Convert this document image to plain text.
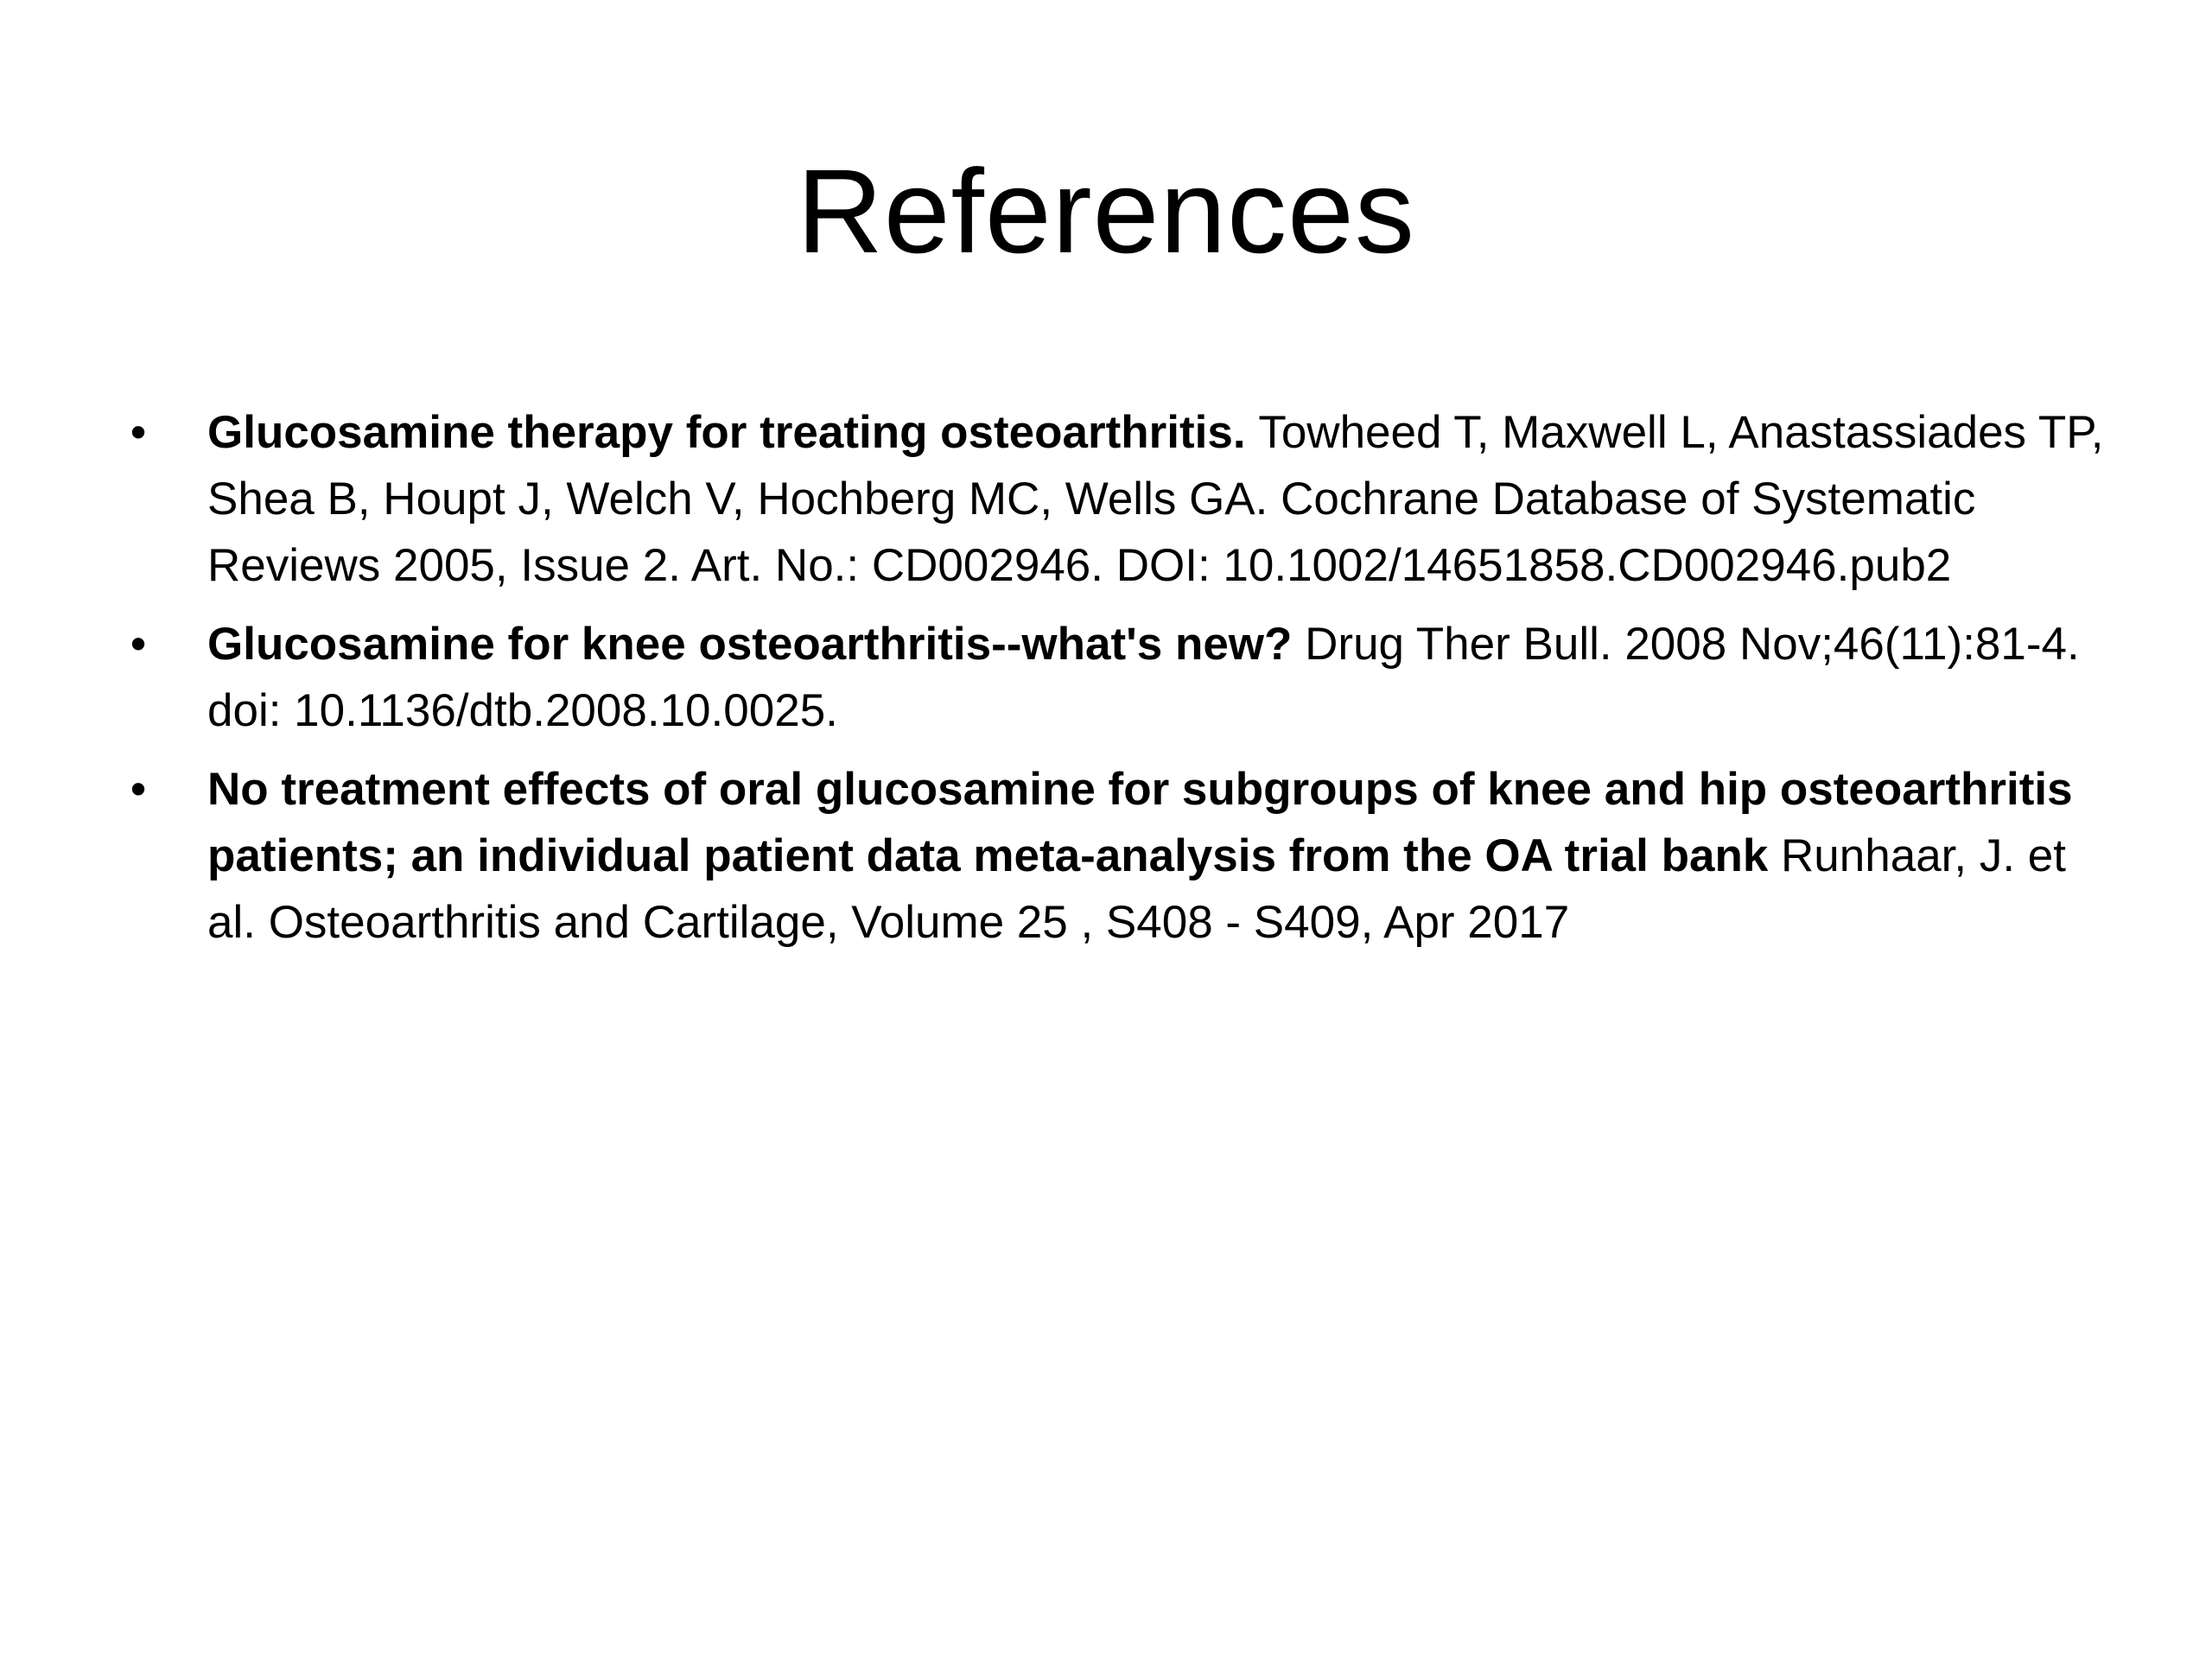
References
• Glucosamine therapy for treating osteoarthritis. Towheed T, Maxwell L, Anastassiades TP, Shea B, Houpt J, Welch V, Hochberg MC, Wells GA. Cochrane Database of Systematic Reviews 2005, Issue 2. Art. No.: CD002946. DOI: 10.1002/14651858.CD002946.pub2
• Glucosamine for knee osteoarthritis--what's new? Drug Ther Bull. 2008 Nov;46(11):81-4. doi: 10.1136/dtb.2008.10.0025.
• No treatment effects of oral glucosamine for subgroups of knee and hip osteoarthritis patients; an individual patient data meta-analysis from the OA trial bank Runhaar, J. et al. Osteoarthritis and Cartilage, Volume 25 , S408 - S409, Apr 2017
